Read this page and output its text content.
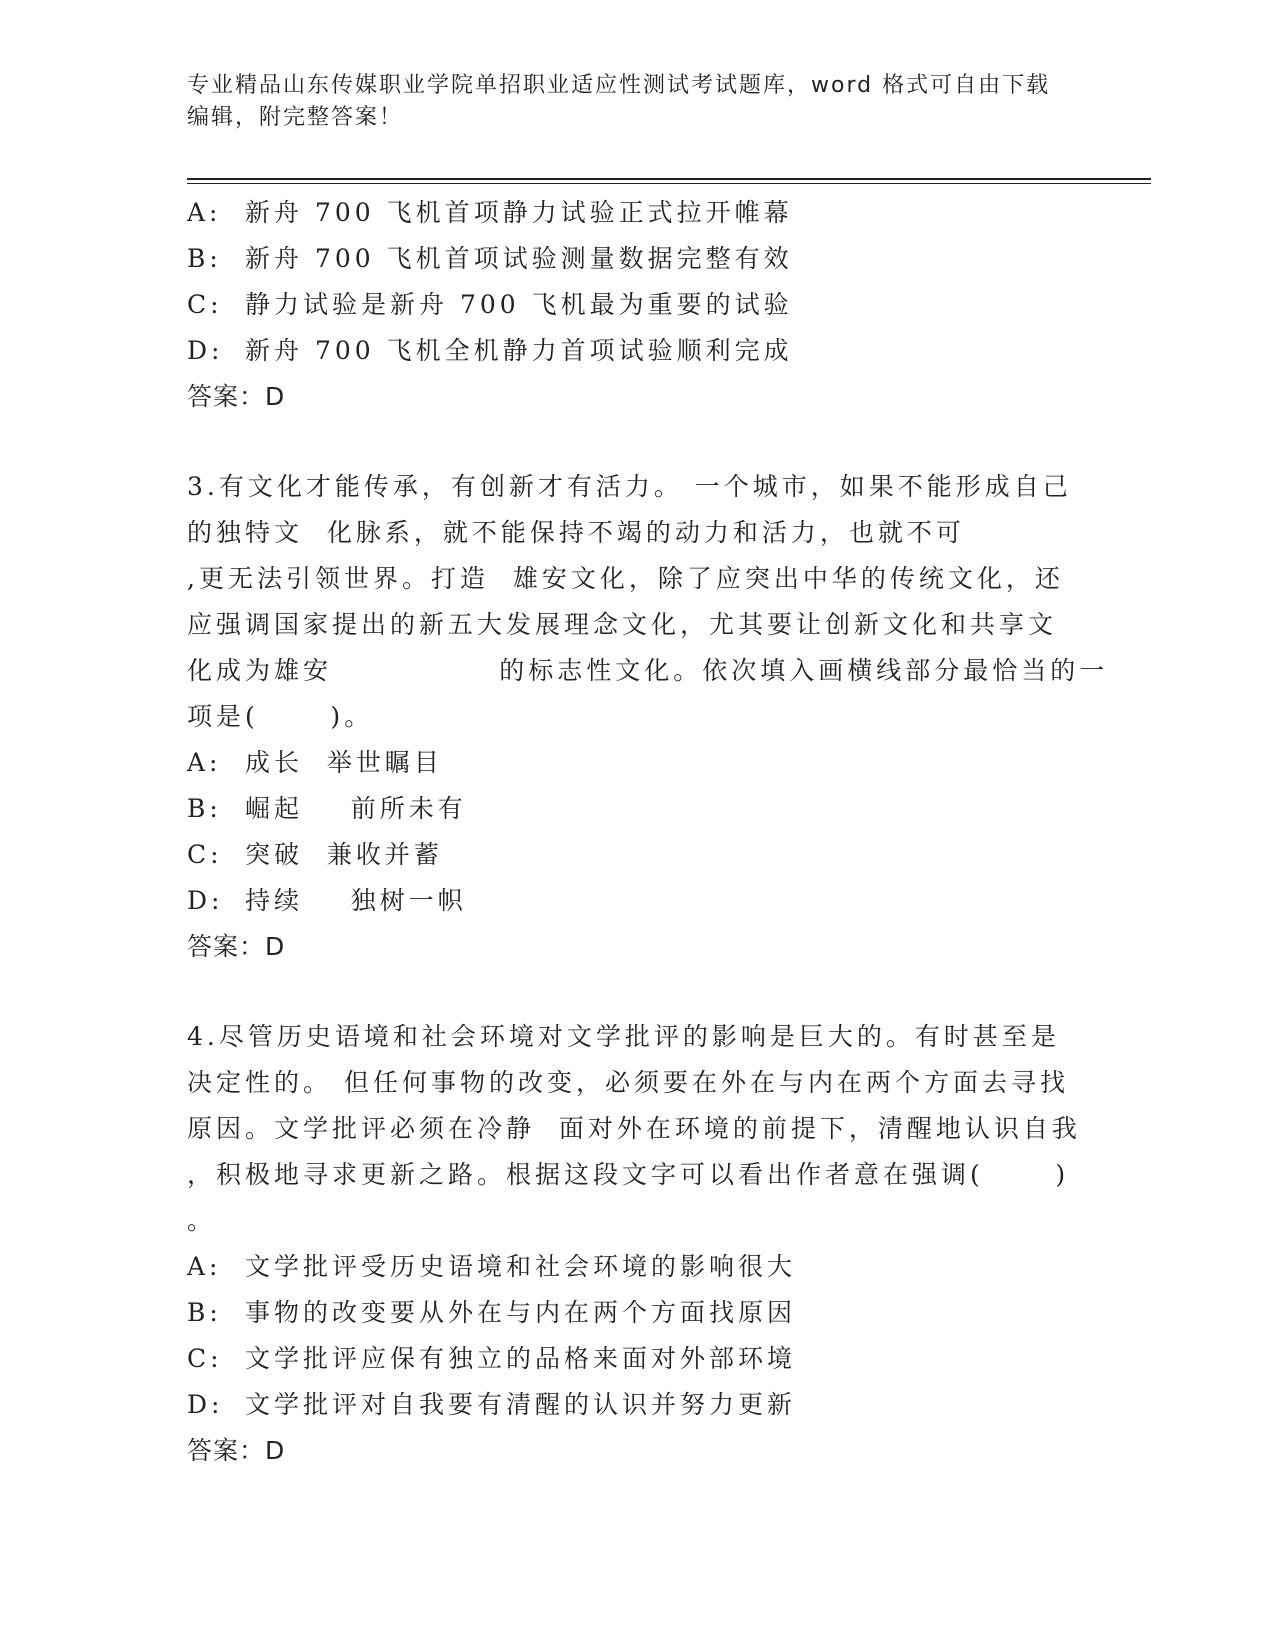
专业精品山东传媒职业学院单招职业适应性测试考试题库，word 格式可自由下载
编辑，附完整答案！
A: 新舟 700 飞机首项静力试验正式拉开帷幕
B: 新舟 700 飞机首项试验测量数据完整有效
C: 静力试验是新舟 700 飞机最为重要的试验
D: 新舟 700 飞机全机静力首项试验顺利完成
答案：D
3.有文化才能传承，有创新才有活力。 一个城市，如果不能形成自己
的独特文  化脉系，就不能保持不竭的动力和活力，也就不可
,更无法引领世界。打造  雄安文化，除了应突出中华的传统文化，还
应强调国家提出的新五大发展理念文化，尤其要让创新文化和共享文
化成为雄安              的标志性文化。依次填入画横线部分最恰当的一
项是(      )。
A: 成长  举世瞩目
B: 崛起    前所未有
C: 突破  兼收并蓄
D: 持续    独树一帜
答案：D
4.尽管历史语境和社会环境对文学批评的影响是巨大的。有时甚至是
决定性的。 但任何事物的改变，必须要在外在与内在两个方面去寻找
原因。文学批评必须在冷静  面对外在环境的前提下，清醒地认识自我
，积极地寻求更新之路。根据这段文字可以看出作者意在强调(      )
。
A: 文学批评受历史语境和社会环境的影响很大
B: 事物的改变要从外在与内在两个方面找原因
C: 文学批评应保有独立的品格来面对外部环境
D: 文学批评对自我要有清醒的认识并努力更新
答案：D
